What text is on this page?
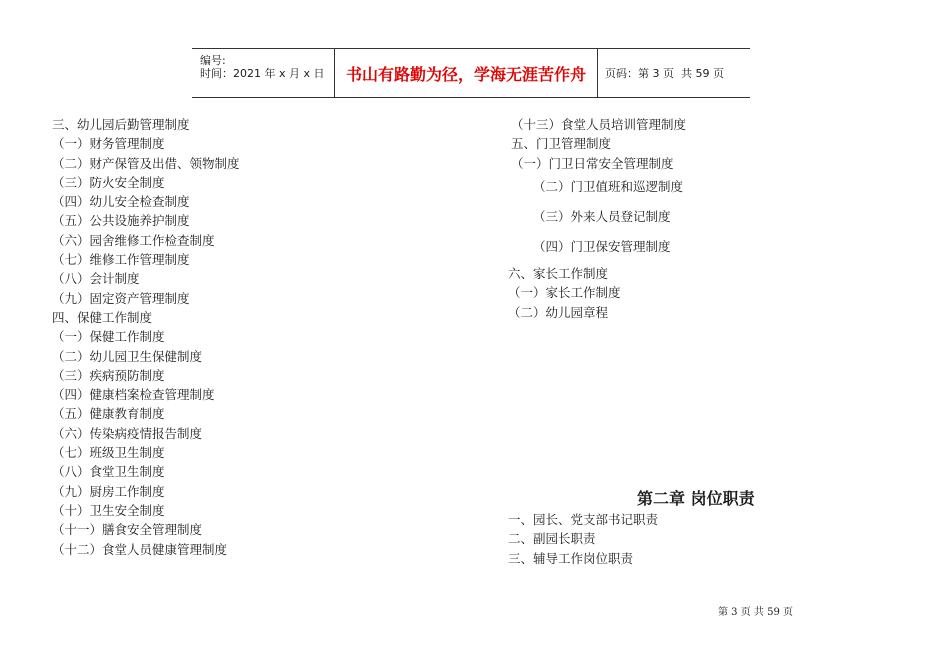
编号:
时间：2021 年 x 月 x 日	书山有路勤为径，学海无涯苦作舟	页码：第 3 页  共 59 页
三、幼儿园后勤管理制度
（一）财务管理制度
（二）财产保管及出借、领物制度
（三）防火安全制度
（四）幼儿安全检查制度
（五）公共设施养护制度
（六）园舍维修工作检查制度
（七）维修工作管理制度
（八）会计制度
（九）固定资产管理制度
四、保健工作制度
（一）保健工作制度
（二）幼儿园卫生保健制度
（三）疾病预防制度
（四）健康档案检查管理制度
（五）健康教育制度
（六）传染病疫情报告制度
（七）班级卫生制度
（八）食堂卫生制度
（九）厨房工作制度
（十）卫生安全制度
（十一）膳食安全管理制度
（十二）食堂人员健康管理制度
（十三）食堂人员培训管理制度
五、门卫管理制度
（一）门卫日常安全管理制度
（二）门卫值班和巡逻制度
（三）外来人员登记制度
（四）门卫保安管理制度
六、家长工作制度
（一）家长工作制度
（二）幼儿园章程
第二章 岗位职责
一、园长、党支部书记职责
二、副园长职责
三、辅导工作岗位职责
第 3 页 共 59 页
